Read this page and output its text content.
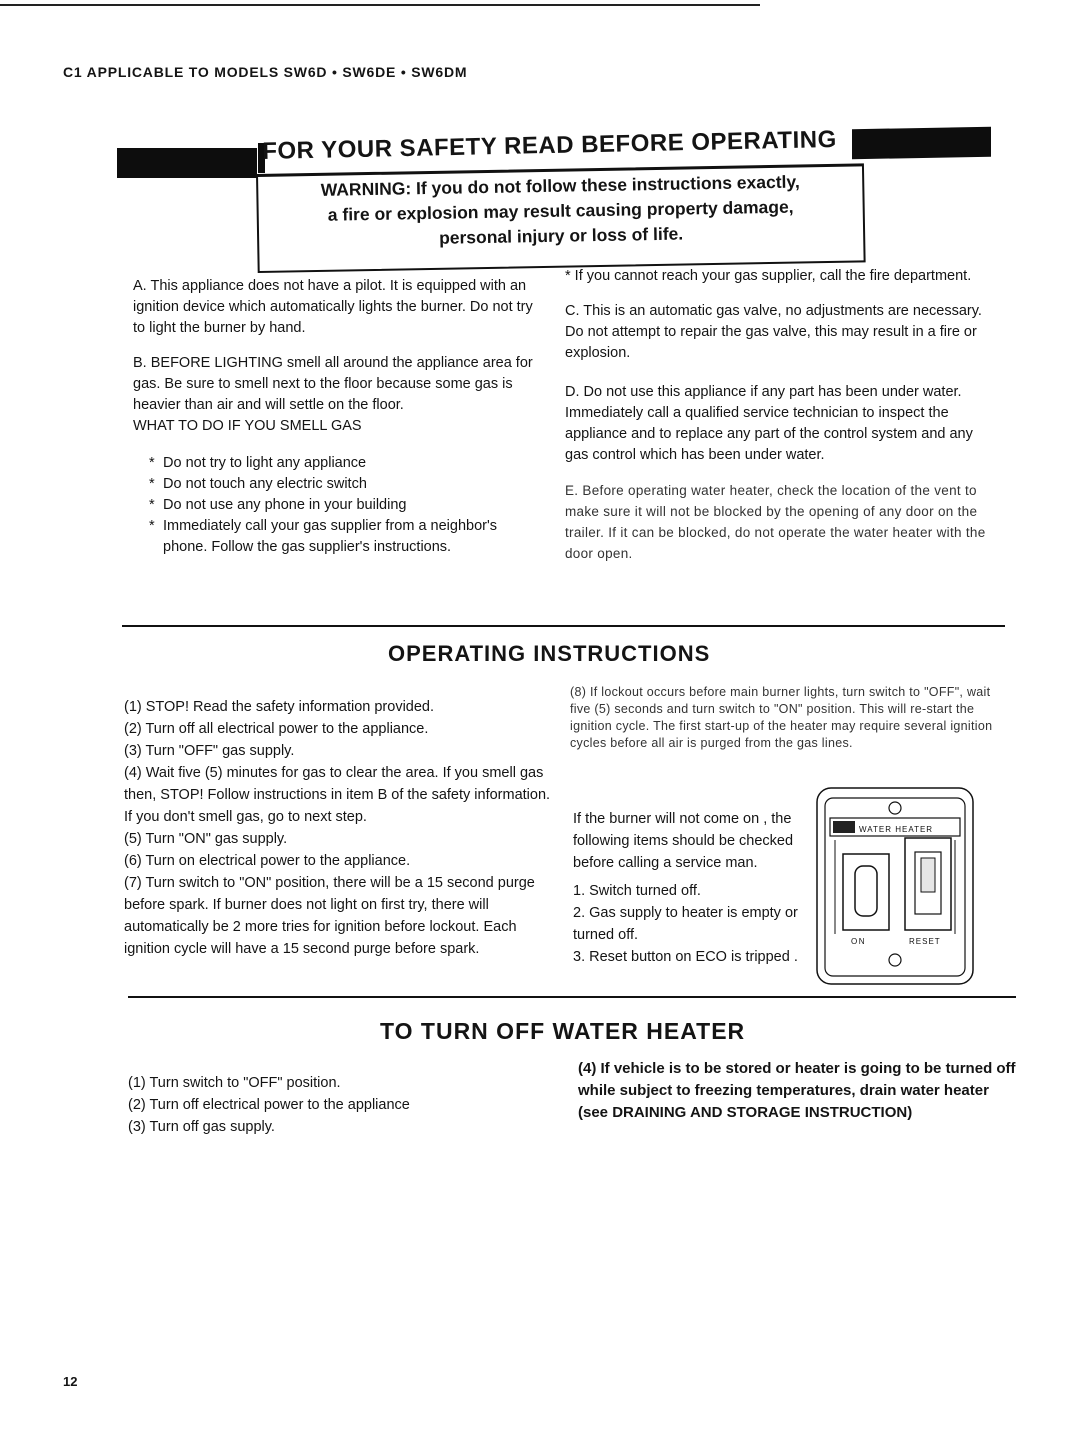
C1 APPLICABLE TO MODELS SW6D • SW6DE • SW6DM
FOR YOUR SAFETY READ BEFORE OPERATING
WARNING: If you do not follow these instructions exactly,
a fire or explosion may result causing property damage,
personal injury or loss of life.

A. This appliance does not have a pilot. It is equipped with an ignition device which automatically lights the burner. Do not try to light the burner by hand.

B. BEFORE LIGHTING smell all around the appliance area for gas. Be sure to smell next to the floor because some gas is heavier than air and will settle on the floor.

WHAT TO DO IF YOU SMELL GAS

* Do not try to light any appliance
* Do not touch any electric switch
* Do not use any phone in your building
* Immediately call your gas supplier from a neighbor's phone. Follow the gas supplier's instructions.

* If you cannot reach your gas supplier, call the fire department.

C. This is an automatic gas valve, no adjustments are necessary. Do not attempt to repair the gas valve, this may result in a fire or explosion.

D. Do not use this appliance if any part has been under water. Immediately call a qualified service technician to inspect the appliance and to replace any part of the control system and any gas control which has been under water.

E. Before operating water heater, check the location of the vent to make sure it will not be blocked by the opening of any door on the trailer. If it can be blocked, do not operate the water heater with the door open.

OPERATING INSTRUCTIONS
(1) STOP! Read the safety information provided.
(2) Turn off all electrical power to the appliance.
(3) Turn "OFF" gas supply.
(4) Wait five (5) minutes for gas to clear the area. If you smell gas then, STOP! Follow instructions in item B of the safety information. If you don't smell gas, go to next step.
(5) Turn "ON" gas supply.
(6) Turn on electrical power to the appliance.
(7) Turn switch to "ON" position, there will be a 15 second purge before spark. If burner does not light on first try, there will automatically be 2 more tries for ignition before lockout. Each ignition cycle will have a 15 second purge before spark.
(8) If lockout occurs before main burner lights, turn switch to "OFF", wait five (5) seconds and turn switch to "ON" position. This will re-start the ignition cycle. The first start-up of the heater may require several ignition cycles before all air is purged from the gas lines.

If the burner will not come on , the following items should be checked before calling a service man.

1. Switch turned off.

2. Gas supply to heater is empty or turned off.

3. Reset button on ECO is tripped .

WATER HEATER
ON	RESET
TO TURN OFF WATER HEATER
(1) Turn switch to "OFF" position.
(2) Turn off electrical power to the appliance
(3) Turn off gas supply.
(4) If vehicle is to be stored or heater is going to be turned off while subject to freezing temperatures, drain water heater (see DRAINING AND STORAGE INSTRUCTION)
12
